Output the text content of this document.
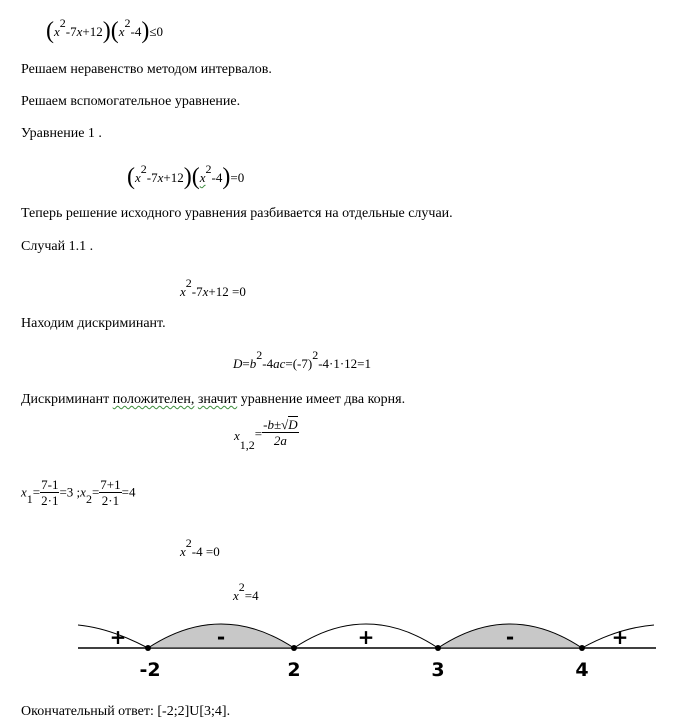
(x2-7x+12)(x2-4)≤0
Решаем неравенство методом интервалов.
Решаем вспомогательное уравнение.
Уравнение 1 .
(x2-7x+12)(x2-4)=0
Теперь решение исходного уравнения разбивается на отдельные случаи.
Случай 1.1 .
x2-7x+12 =0
Находим дискриминант.
D=b2-4ac=(-7)2-4·1·12=1
Дискриминант положителен, значит уравнение имеет два корня.
$x1,2= \frac{-b\pm√D}{2a}$
$x1= \frac{7-1}{2\cdot 1} =3$ ;x2= $\frac{7+1}{2\cdot 1} =4$
x2-4 =0
x2=4
+	-	+	-	+
-2	2	3	4
Окончательный ответ: [-2;2]U[3;4].
